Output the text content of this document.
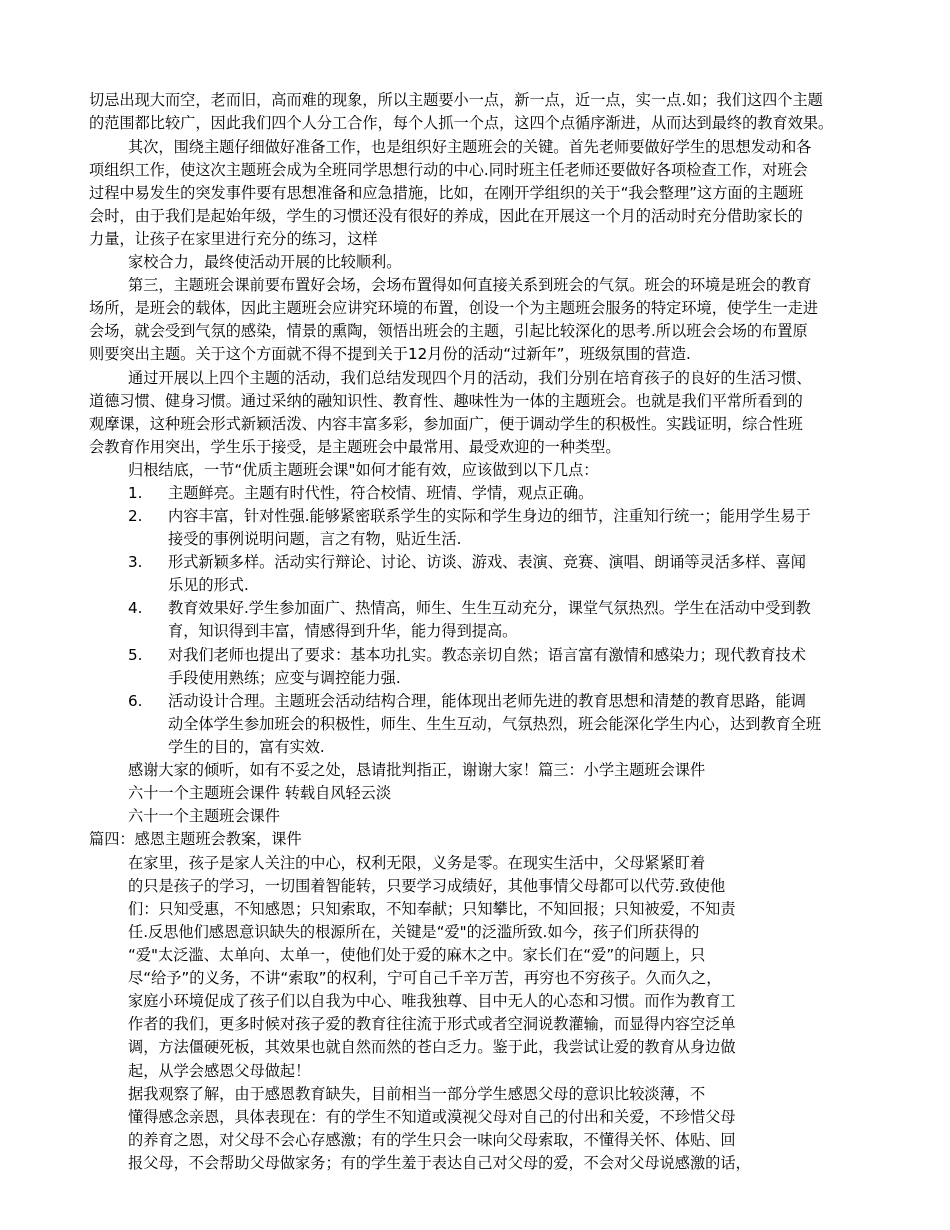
切忌出现大而空，老而旧，高而难的现象，所以主题要小一点，新一点，近一点，实一点.如；我们这四个主题
的范围都比较广，因此我们四个人分工合作，每个人抓一个点，这四个点循序渐进，从而达到最终的教育效果。
其次，围绕主题仔细做好准备工作，也是组织好主题班会的关键。首先老师要做好学生的思想发动和各
项组织工作，使这次主题班会成为全班同学思想行动的中心.同时班主任老师还要做好各项检查工作，对班会
过程中易发生的突发事件要有思想准备和应急措施，比如，在刚开学组织的关于“我会整理”这方面的主题班
会时，由于我们是起始年级，学生的习惯还没有很好的养成，因此在开展这一个月的活动时充分借助家长的
力量，让孩子在家里进行充分的练习，这样
家校合力，最终使活动开展的比较顺利。
第三，主题班会课前要布置好会场，会场布置得如何直接关系到班会的气氛。班会的环境是班会的教育
场所，是班会的载体，因此主题班会应讲究环境的布置，创设一个为主题班会服务的特定环境，使学生一走进
会场，就会受到气氛的感染，情景的熏陶，领悟出班会的主题，引起比较深化的思考.所以班会会场的布置原
则要突出主题。关于这个方面就不得不提到关于12月份的活动“过新年”，班级氛围的营造.
通过开展以上四个主题的活动，我们总结发现四个月的活动，我们分别在培育孩子的良好的生活习惯、
道德习惯、健身习惯。通过采纳的融知识性、教育性、趣味性为一体的主题班会。也就是我们平常所看到的
观摩课，这种班会形式新颖活泼、内容丰富多彩，参加面广，便于调动学生的积极性。实践证明，综合性班
会教育作用突出，学生乐于接受，是主题班会中最常用、最受欢迎的一种类型。
归根结底，一节“优质主题班会课"如何才能有效，应该做到以下几点：
1. 主题鲜亮。主题有时代性，符合校情、班情、学情，观点正确。
2. 内容丰富，针对性强.能够紧密联系学生的实际和学生身边的细节，注重知行统一；能用学生易于
接受的事例说明问题，言之有物，贴近生活.
3. 形式新颖多样。活动实行辩论、讨论、访谈、游戏、表演、竞赛、演唱、朗诵等灵活多样、喜闻
乐见的形式.
4. 教育效果好.学生参加面广、热情高，师生、生生互动充分，课堂气氛热烈。学生在活动中受到教
育，知识得到丰富，情感得到升华，能力得到提高。
5. 对我们老师也提出了要求：基本功扎实。教态亲切自然；语言富有激情和感染力；现代教育技术
手段使用熟练；应变与调控能力强.
6. 活动设计合理。主题班会活动结构合理，能体现出老师先进的教育思想和清楚的教育思路，能调
动全体学生参加班会的积极性，师生、生生互动，气氛热烈，班会能深化学生内心，达到教育全班
学生的目的，富有实效.
感谢大家的倾听，如有不妥之处，恳请批判指正，谢谢大家！篇三：小学主题班会课件
六十一个主题班会课件 转载自风轻云淡
六十一个主题班会课件
篇四：感恩主题班会教案，课件
在家里，孩子是家人关注的中心，权利无限，义务是零。在现实生活中，父母紧紧盯着
的只是孩子的学习，一切围着智能转，只要学习成绩好，其他事情父母都可以代劳.致使他
们：只知受惠，不知感恩；只知索取，不知奉献；只知攀比，不知回报；只知被爱，不知责
任.反思他们感恩意识缺失的根源所在，关键是“爱"的泛滥所致.如今，孩子们所获得的
“爱"太泛滥、太单向、太单一，使他们处于爱的麻木之中。家长们在“爱”的问题上，只
尽“给予”的义务，不讲“索取”的权利，宁可自己千辛万苦，再穷也不穷孩子。久而久之，
家庭小环境促成了孩子们以自我为中心、唯我独尊、目中无人的心态和习惯。而作为教育工
作者的我们，更多时候对孩子爱的教育往往流于形式或者空洞说教灌输，而显得内容空泛单
调，方法僵硬死板，其效果也就自然而然的苍白乏力。鉴于此，我尝试让爱的教育从身边做
起，从学会感恩父母做起！
据我观察了解，由于感恩教育缺失，目前相当一部分学生感恩父母的意识比较淡薄，不
懂得感念亲恩，具体表现在：有的学生不知道或漠视父母对自己的付出和关爱，不珍惜父母
的养育之恩，对父母不会心存感激；有的学生只会一味向父母索取，不懂得关怀、体贴、回
报父母，不会帮助父母做家务；有的学生羞于表达自己对父母的爱，不会对父母说感激的话，
